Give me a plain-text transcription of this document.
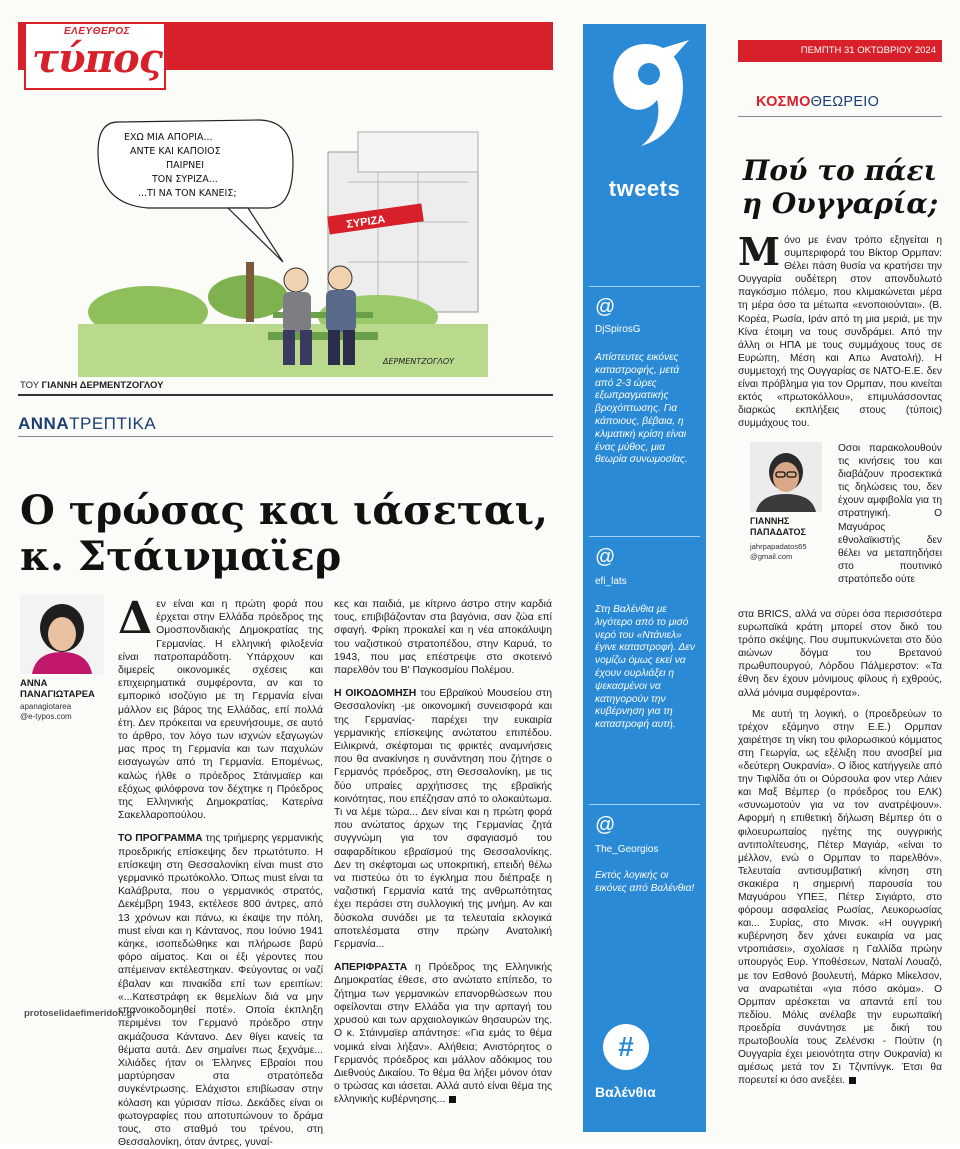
ΕΛΕΥΘΕΡΟΣ
τύπος
ΣΥΡΙΖΑ
ΕΧΩ ΜΙΑ ΑΠΟΡΙΑ...
ΑΝΤΕ ΚΑΙ ΚΑΠΟΙΟΣ
ΠΑΙΡΝΕΙ
ΤΟΝ ΣΥΡΙΖΑ...
...ΤΙ ΝΑ ΤΟΝ ΚΑΝΕΙΣ;
ΔΕΡΜΕΝΤΖΟΓΛΟΥ
ΤΟΥ ΓΙΑΝΝΗ ΔΕΡΜΕΝΤΖΟΓΛΟΥ
ΑΝΝΑΤΡΕΠΤΙΚΑ
Ο τρώσας και ιάσεται,
κ. Στάινμαϊερ
ΑΝΝΑ
ΠΑΝΑΓΙΩΤΑΡΕΑ
apanagiotarea
@e-typos.com

Δεν είναι και η πρώτη φορά που έρχεται στην Ελλάδα πρόεδρος της Ομοσπονδιακής Δημοκρατίας της Γερμανίας. Η ελληνική φιλοξενία είναι πατροπαράδοτη. Υπάρχουν και διμερείς οικονομικές σχέσεις και επιχειρηματικά συμφέροντα, αν και το εμπορικό ισοζύγιο με τη Γερμανία είναι μάλλον εις βάρος της Ελλάδας, επί πολλά έτη. Δεν πρόκειται να ερευνήσουμε, σε αυτό το άρθρο, τον λόγο των ισχνών εξαγωγών μας προς τη Γερμανία και των παχυλών εισαγωγών από τη Γερμανία. Επομένως, καλώς ήλθε ο πρόεδρος Στάινμαϊερ και εξόχως φιλόφρονα τον δέχτηκε η Πρόεδρος της Ελληνικής Δημοκρατίας, Κατερίνα Σακελλαροπούλου.

ΤΟ ΠΡΟΓΡΑΜΜΑ της τριήμερης γερμανικής προεδρικής επίσκεψης δεν πρωτότυπο. Η επίσκεψη στη Θεσσαλονίκη είναι must στο γερμανικό πρωτόκολλο. Όπως must είναι τα Καλάβρυτα, που ο γερμανικός στρατός, Δεκέμβρη 1943, εκτέλεσε 800 άντρες, από 13 χρόνων και πάνω, κι έκαψε την πόλη, must είναι και η Κάντανος, που Ιούνιο 1941 κάηκε, ισοπεδώθηκε και πλήρωσε βαρύ φόρο αίματος. Και οι έξι γέροντες που απέμειναν εκτέλεστηκαν. Φεύγοντας οι ναζί έβαλαν και πινακίδα επί των ερειπίων: «...Κατεστράφη εκ θεμελίων διά να μην επανοικοδομηθεί ποτέ». Οποία έκπληξη περιμένει τον Γερμανό πρόεδρο στην ακμάζουσα Κάντανο. Δεν θίγει κανείς τα θέματα αυτά. Δεν σημαίνει πως ξεχνάμε... Χιλιάδες ήταν οι Έλληνες Εβραίοι που μαρτύρησαν στα στρατόπεδα συγκέντρωσης. Ελάχιστοι επιβίωσαν στην κόλαση και γύρισαν πίσω. Δεκάδες είναι οι φωτογραφίες που αποτυπώνουν το δράμα τους, στο σταθμό του τρένου, στη Θεσσαλονίκη, όταν άντρες, γυναί-

κες και παιδιά, με κίτρινο άστρο στην καρδιά τους, επιβιβάζονταν στα βαγόνια, σαν ζώα επί σφαγή. Φρίκη προκαλεί και η νέα αποκάλυψη του ναζιστικού στρατοπέδου, στην Καρυά, το 1943, που μας επέστρεψε στο σκοτεινό παρελθόν του Β' Παγκοσμίου Πολέμου.

Η ΟΙΚΟΔΟΜΗΣΗ του Εβραϊκού Μουσείου στη Θεσσαλονίκη -με οικονομική συνεισφορά και της Γερμανίας- παρέχει την ευκαιρία γερμανικής επίσκεψης ανώτατου επιπέδου. Ειλικρινά, σκέφτομαι τις φρικτές αναμνήσεις που θα ανακίνησε η συνάντηση που ζήτησε ο Γερμανός πρόεδρος, στη Θεσσαλονίκη, με τις δύο υπραίες αρχήτισσες της εβραϊκής κοινότητας, που επέζησαν από το ολοκαύτωμα. Τι να λέμε τώρα... Δεν είναι και η πρώτη φορά που ανώτατος άρχων της Γερμανίας ζητά συγγνώμη για τον σφαγιασμό του σαφαρδίτικου εβραϊσμού της Θεσσαλονίκης. Δεν τη σκέφτομαι ως υποκριτική, επειδή θέλω να πιστεύω ότι το έγκλημα που διέπραξε η ναζιστική Γερμανία κατά της ανθρωπότητας έχει περάσει στη συλλογική της μνήμη. Αν και δύσκολα συνάδει με τα τελευταία εκλογικά αποτελέσματα στην πρώην Ανατολική Γερμανία...

ΑΠΕΡΙΦΡΑΣΤΑ η Πρόεδρος της Ελληνικής Δημοκρατίας έθεσε, στο ανώτατο επίπεδο, το ζήτημα των γερμανικών επανορθώσεων που οφείλονται στην Ελλάδα για την αρπαγή του χρυσού και των αρχαιολογικών θησαυρών της. Ο κ. Στάινμαϊερ απάντησε: «Για εμάς το θέμα νομικά είναι λήξαν». Αλήθεια; Ανιστόρητος ο Γερμανός πρόεδρος και μάλλον αδόκιμος του Διεθνούς Δικαίου. Το θέμα θα λήξει μόνον όταν ο τρώσας και ιάσεται. Αλλά αυτό είναι θέμα της ελληνικής κυβέρνησης...

protoselidaefimeridon.gr
tweets
@
DjSpirosG
Απίστευτες εικόνες καταστροφής, μετά από 2-3 ώρες εξωπραγματικής βροχόπτωσης. Για κάποιους, βέβαια, η κλιματική κρίση είναι ένας μύθος, μια θεωρία συνωμοσίας.
@
efi_lats
Στη Βαλένθια με λιγότερο από το μισό νερό του «Ντάνιελ» έγινε καταστροφή. Δεν νομίζω όμως εκεί να έχουν ουρλιάξει η ψεκασμένοι να κατηγορούν την κυβέρνηση για τη καταστροφή αυτή.
@
The_Georgios
Εκτός λογικής οι εικόνες από Βαλένθια!
#
Βαλένθια
ΠΕΜΠΤΗ 31 ΟΚΤΩΒΡΙΟΥ 2024
ΚΟΣΜΟΘΕΩΡΕΙΟ
Πού το πάει
η Ουγγαρία;
Μόνο με έναν τρόπο εξηγείται η συμπεριφορά του Βίκτορ Ορμπαν: Θέλει πάση θυσία να κρατήσει την Ουγγαρία ουδέτερη στον απονδυλωτό παγκόσμιο πόλεμο, που κλιμακώνεται μέρα τη μέρα όσο τα μέτωπα «ενοποιούνται». (Β. Κορέα, Ρωσία, Ιράν από τη μια μεριά, με την Κίνα έτοιμη να τους συνδράμει. Από την άλλη οι ΗΠΑ με τους συμμάχους τους σε Ευρώπη, Μέση και Απω Ανατολή). Η συμμετοχή της Ουγγαρίας σε ΝΑΤΟ-Ε.Ε. δεν είναι πρόβλημα για τον Ορμπαν, που κινείται εκτός «πρωτοκόλλου», επιμυλάσσοντας διαρκώς εκπλήξεις στους (τύποις) συμμάχους του.
ΓΙΑΝΝΗΣ
ΠΑΠΑΔΑΤΟΣ
jahrpapadatos65
@gmail.com
Οσοι παρακολουθούν τις κινήσεις του και διαβάζουν προσεκτικά τις δηλώσεις του, δεν έχουν αμφιβολία για τη στρατηγική. Ο Μαγυάρος εθνολαϊκιστής δεν θέλει να μεταπηδήσει στο πουτινικό στρατόπεδο ούτε
στα BRICS, αλλά να σύρει όσα περισσότερα ευρωπαϊκά κράτη μπορεί στον δικό του τρόπο σκέψης. Που συμπυκνώνεται στο δύο αιώνων δόγμα του Βρετανού πρωθυπουργού, Λόρδου Πάλμερστον: «Τα έθνη δεν έχουν μόνιμους φίλους ή εχθρούς, αλλά μόνιμα συμφέροντα».
Με αυτή τη λογική, ο (προεδρεύων το τρέχον εξάμηνο στην Ε.Ε.) Ορμπαν χαιρέτησε τη νίκη του φιλορωσικού κόμματος στη Γεωργία, ως εξέλιξη που ανοσβεί μια «δεύτερη Ουκρανία». Ο ίδιος κατήγγειλε από την Τιφλίδα ότι οι Ούρσουλα φον ντερ Λάιεν και Μαξ Βέμπερ (ο πρόεδρος του ΕΛΚ) «συνωμοτούν για να τον ανατρέψουν». Αφορμή η επιθετική δήλωση Βέμπερ ότι ο φιλοευρωπαίος ηγέτης της ουγγρικής αντιπολίτευσης, Πέτερ Μαγιάρ, «είναι το μέλλον, ενώ ο Ορμπαν το παρελθόν». Τελευταία αντισυμβατική κίνηση στη σκακιέρα η σημερινή παρουσία του Μαγυάρου ΥΠΕΞ, Πέτερ Σιγιάρτο, στο φόρουμ ασφαλείας Ρωσίας, Λευκορωσίας και... Συρίας, στο Μινσκ. «Η ουγγρική κυβέρνηση δεν χάνει ευκαιρία να μας ντροπιάσει», σχολίασε η Γαλλίδα πρώην υπουργός Ευρ. Υποθέσεων, Ναταλί Λουαζό, με τον Εσθονό βουλευτή, Μάρκο Μίκελσον, να αναρωτιέται «για πόσο ακόμα». Ο Ορμπαν αρέσκεται να απαντά επί του πεδίου. Μόλις ανέλαβε την ευρωπαϊκή προεδρία συνάντησε με δική του πρωτοβουλία τους Ζελένσκι - Πούτιν (η Ουγγαρία έχει μειονότητα στην Ουκρανία) κι αμέσως μετά τον Σι Τζινπίνγκ. Έτσι θα πορευτεί κι όσο ανεξέει.
